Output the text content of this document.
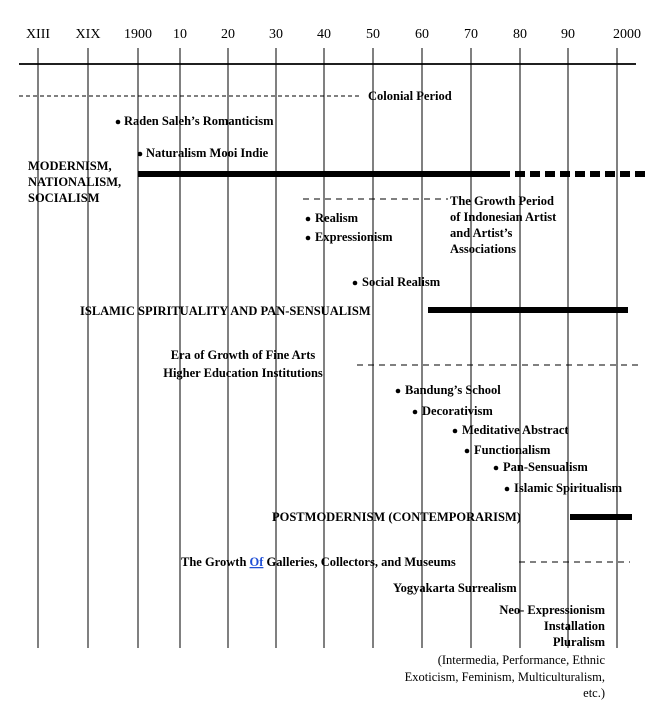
XIII XIX 1900 10 20 30 40	50	60	70	80 90	2000
Colonial Period
MODERNISM,
NATIONALISM,
SOCIALISM	The Growth Period
of Indonesian Artist
and Artist’s
Associations
ISLAMIC SPIRITUALITY AND PAN-SENSUALISM
Era of Growth of Fine Arts
Higher Education Institutions
POSTMODERNISM (CONTEMPORARISM)
The Growth Of Galleries, Collectors, and Museums
Raden Saleh’s Romanticism
Naturalism Mooi Indie
Realism
Expressionism
Social Realism
Bandung’s School
Decorativism
Meditative Abstract
Functionalism
Pan-Sensualism
Islamic Spiritualism
Yogyakarta Surrealism
Neo- Expressionism
Installation
Pluralism
(Intermedia, Performance, Ethnic
Exoticism, Feminism, Multiculturalism,
etc.)
